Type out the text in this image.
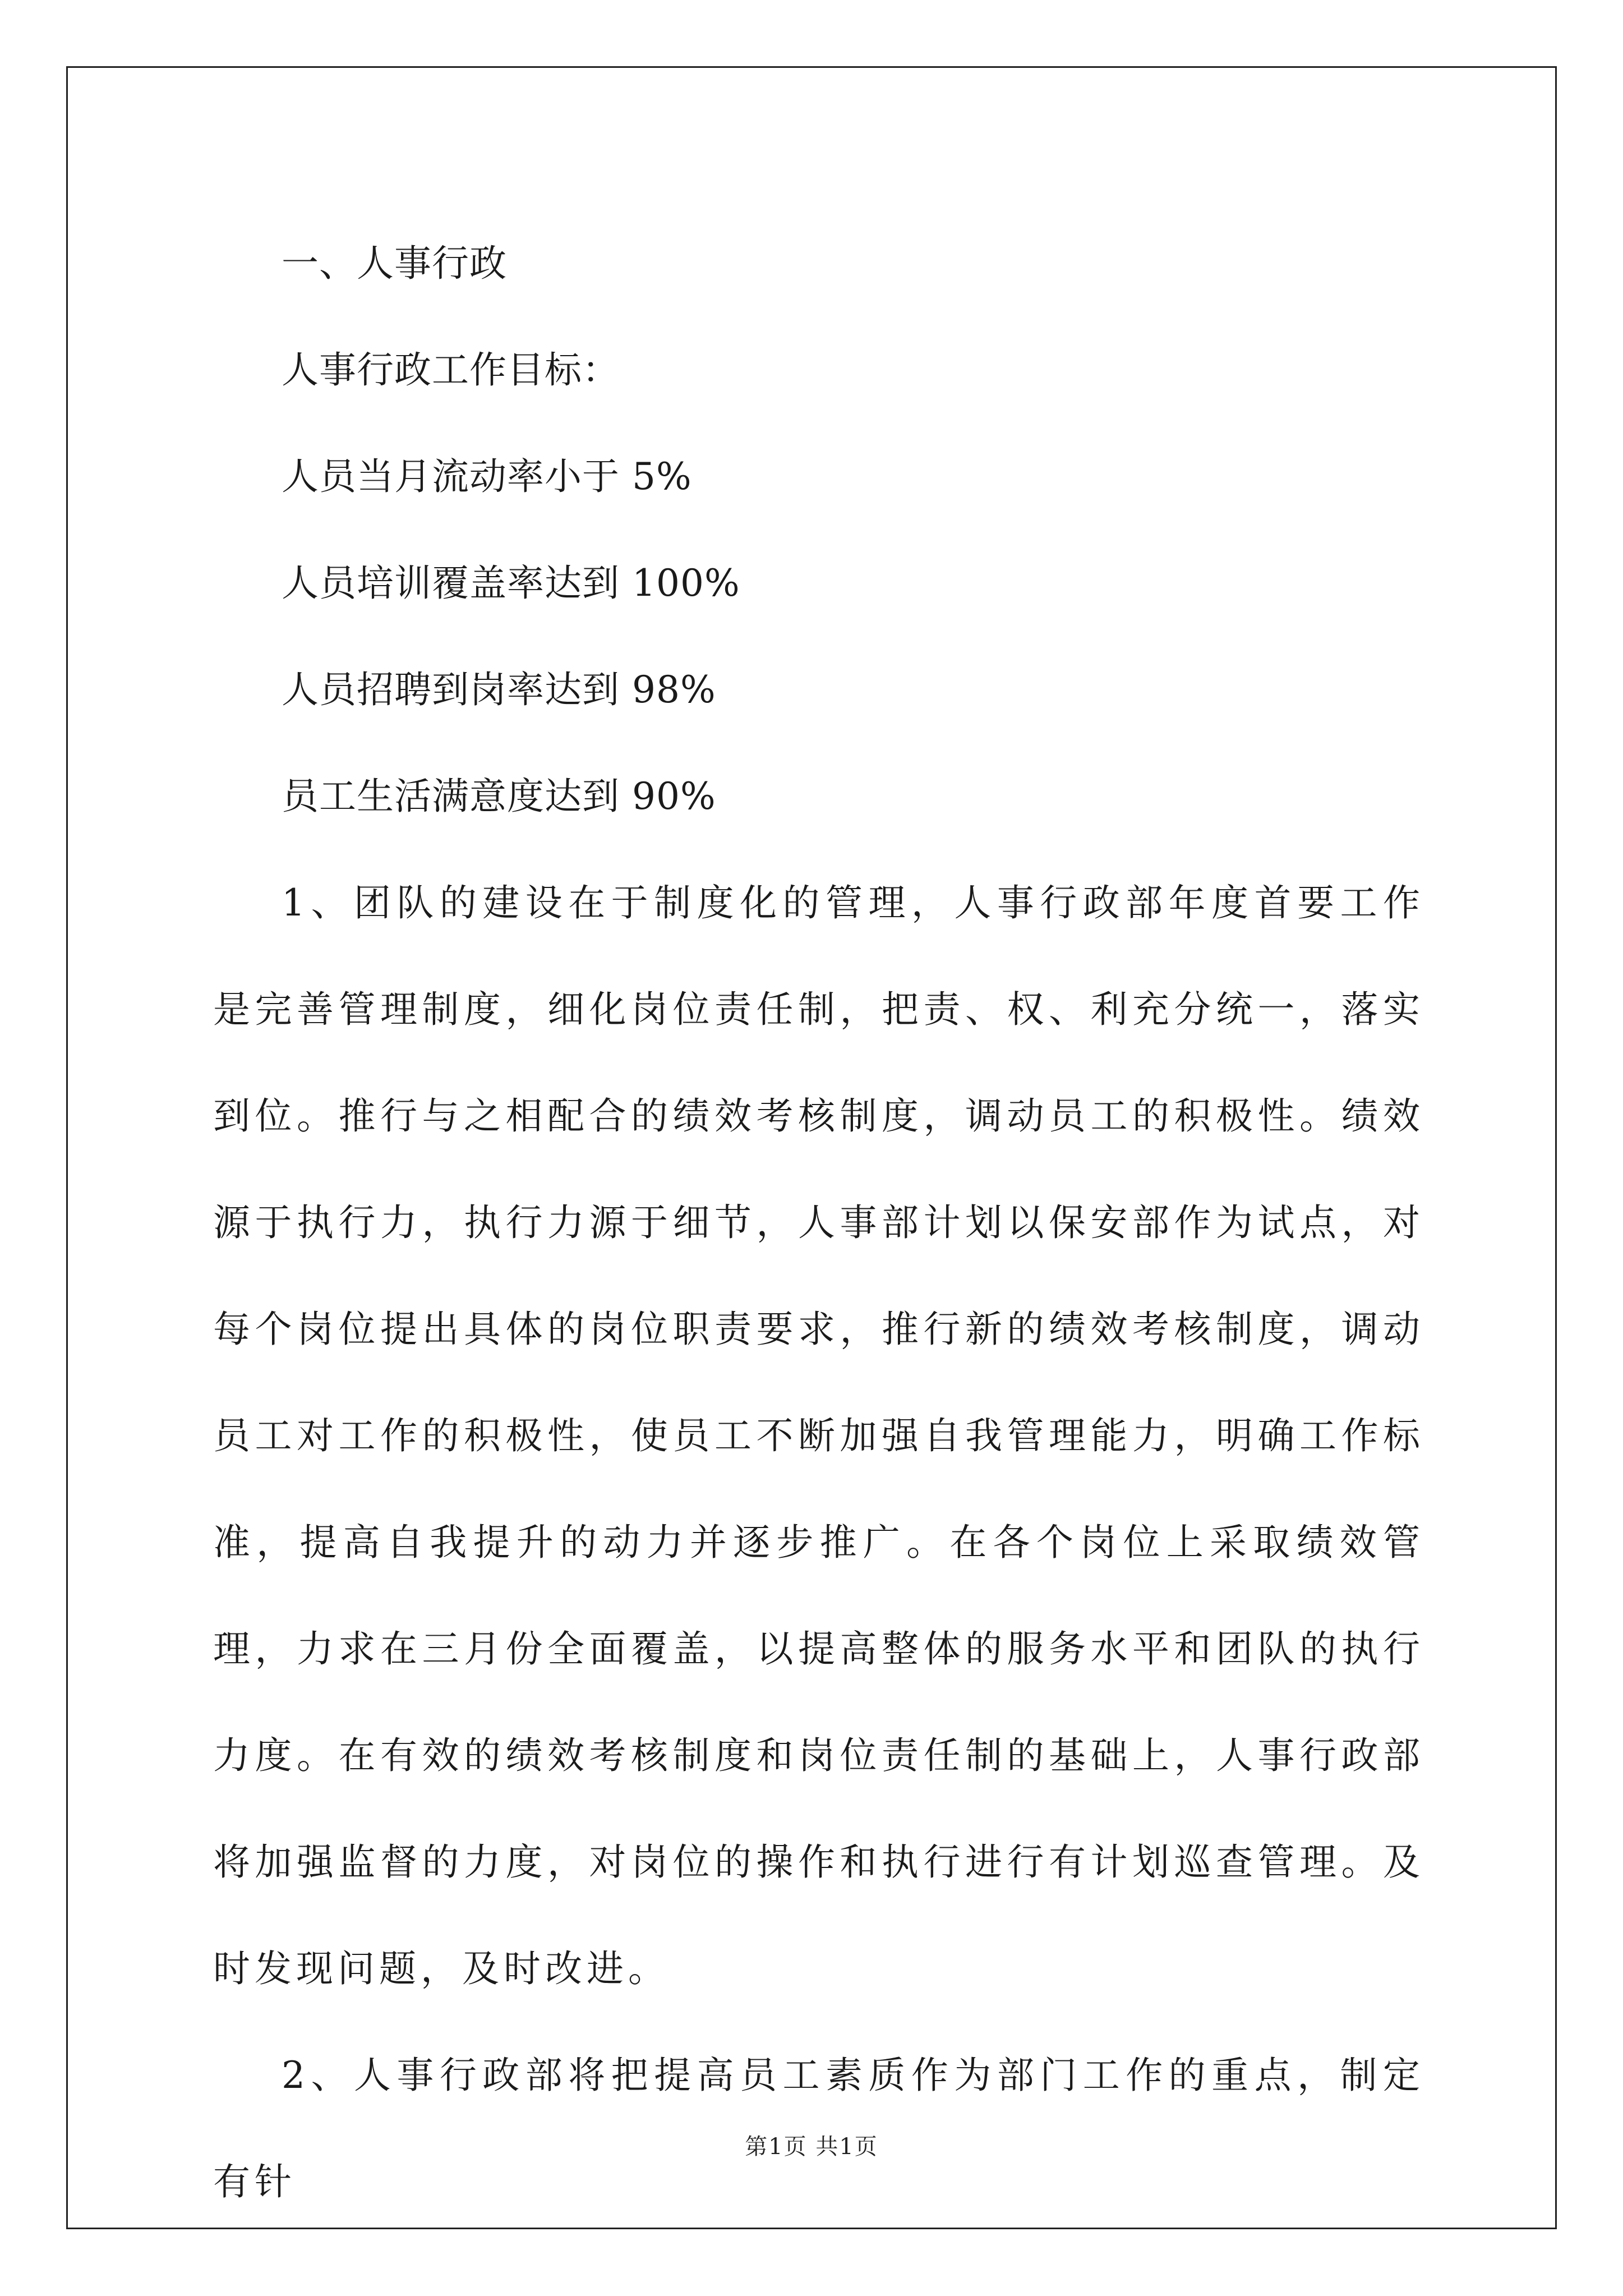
一、人事行政
人事行政工作目标：
人员当月流动率小于 5%
人员培训覆盖率达到 100%
人员招聘到岗率达到 98%
员工生活满意度达到 90%

1、团队的建设在于制度化的管理，人事行政部年度首要工作是完善管理制度，细化岗位责任制，把责、权、利充分统一，落实到位。推行与之相配合的绩效考核制度，调动员工的积极性。绩效源于执行力，执行力源于细节，人事部计划以保安部作为试点，对每个岗位提出具体的岗位职责要求，推行新的绩效考核制度，调动员工对工作的积极性，使员工不断加强自我管理能力，明确工作标准，提高自我提升的动力并逐步推广。在各个岗位上采取绩效管理，力求在三月份全面覆盖，以提高整体的服务水平和团队的执行力度。在有效的绩效考核制度和岗位责任制的基础上，人事行政部将加强监督的力度，对岗位的操作和执行进行有计划巡查管理。及时发现问题，及时改进。

2、人事行政部将把提高员工素质作为部门工作的重点，制定有针

第1页 共1页
